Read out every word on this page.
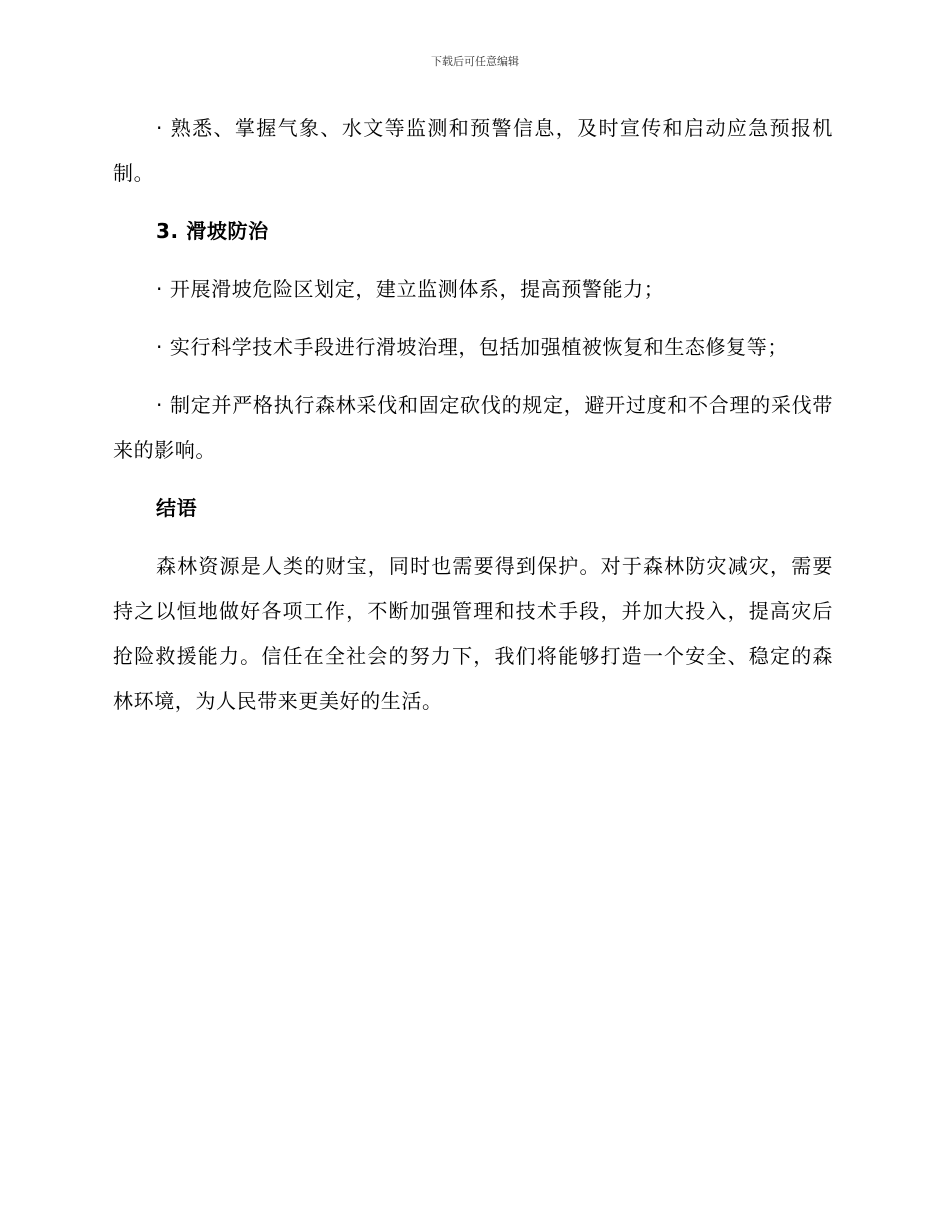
下载后可任意编辑

· 熟悉、掌握气象、水文等监测和预警信息，及时宣传和启动应急预报机制。

3. 滑坡防治

· 开展滑坡危险区划定，建立监测体系，提高预警能力；

· 实行科学技术手段进行滑坡治理，包括加强植被恢复和生态修复等；

· 制定并严格执行森林采伐和固定砍伐的规定，避开过度和不合理的采伐带来的影响。

结语

森林资源是人类的财宝，同时也需要得到保护。对于森林防灾减灾，需要持之以恒地做好各项工作，不断加强管理和技术手段，并加大投入，提高灾后抢险救援能力。信任在全社会的努力下，我们将能够打造一个安全、稳定的森林环境，为人民带来更美好的生活。
